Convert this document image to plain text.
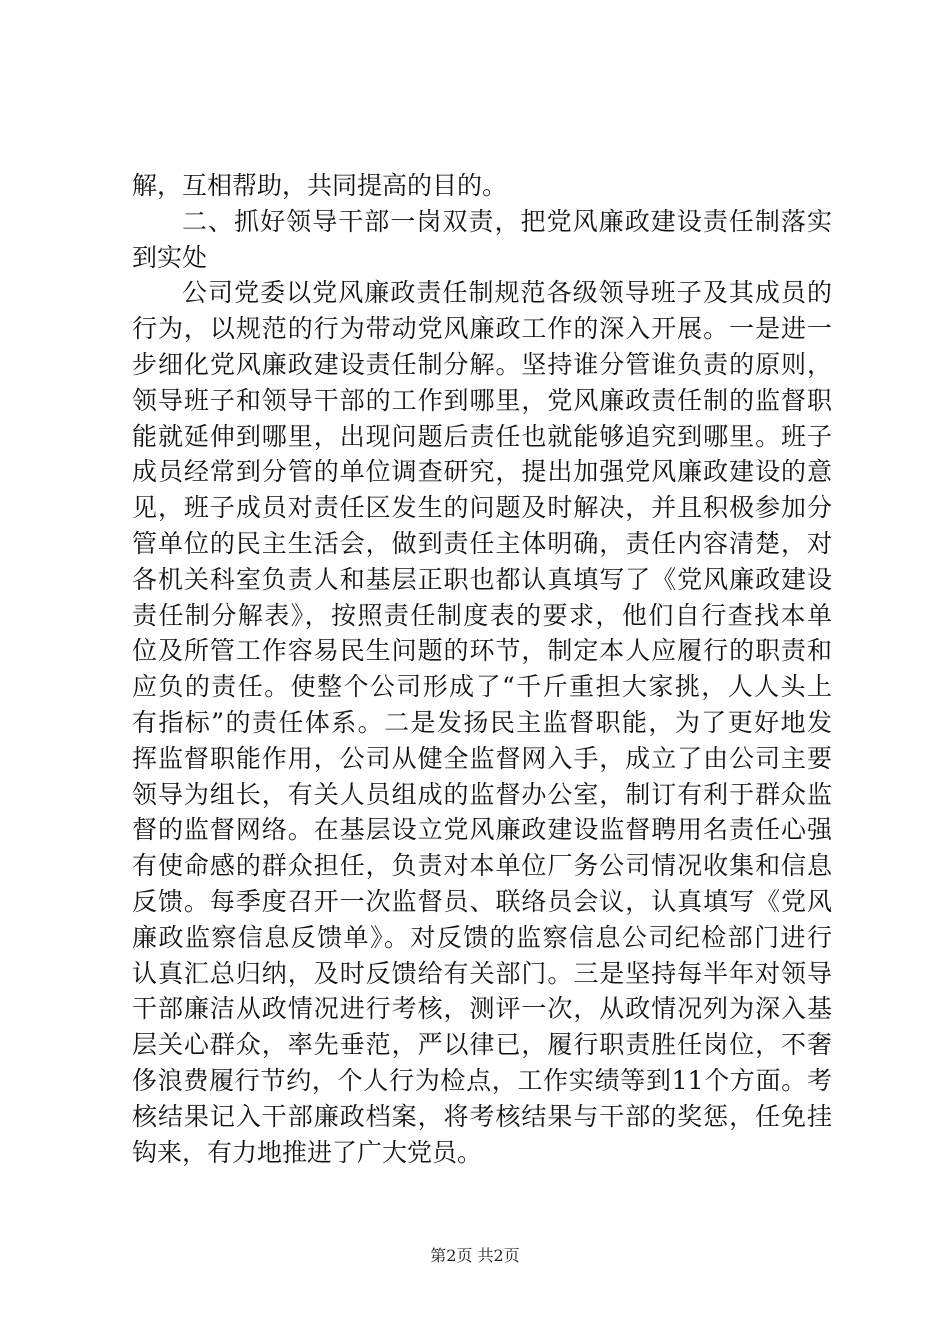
解，互相帮助，共同提高的目的。
二、抓好领导干部一岗双责，把党风廉政建设责任制落实
到实处
公司党委以党风廉政责任制规范各级领导班子及其成员的
行为，以规范的行为带动党风廉政工作的深入开展。一是进一
步细化党风廉政建设责任制分解。坚持谁分管谁负责的原则，
领导班子和领导干部的工作到哪里，党风廉政责任制的监督职
能就延伸到哪里，出现问题后责任也就能够追究到哪里。班子
成员经常到分管的单位调查研究，提出加强党风廉政建设的意
见，班子成员对责任区发生的问题及时解决，并且积极参加分
管单位的民主生活会，做到责任主体明确，责任内容清楚，对
各机关科室负责人和基层正职也都认真填写了《党风廉政建设
责任制分解表》，按照责任制度表的要求，他们自行查找本单
位及所管工作容易民生问题的环节，制定本人应履行的职责和
应负的责任。使整个公司形成了“千斤重担大家挑，人人头上
有指标”的责任体系。二是发扬民主监督职能，为了更好地发
挥监督职能作用，公司从健全监督网入手，成立了由公司主要
领导为组长，有关人员组成的监督办公室，制订有利于群众监
督的监督网络。在基层设立党风廉政建设监督聘用名责任心强
有使命感的群众担任，负责对本单位厂务公司情况收集和信息
反馈。每季度召开一次监督员、联络员会议，认真填写《党风
廉政监察信息反馈单》。对反馈的监察信息公司纪检部门进行
认真汇总归纳，及时反馈给有关部门。三是坚持每半年对领导
干部廉洁从政情况进行考核，测评一次，从政情况列为深入基
层关心群众，率先垂范，严以律已，履行职责胜任岗位，不奢
侈浪费履行节约，个人行为检点，工作实绩等到11个方面。考
核结果记入干部廉政档案，将考核结果与干部的奖惩，任免挂
钩来，有力地推进了广大党员。
第2页 共2页
